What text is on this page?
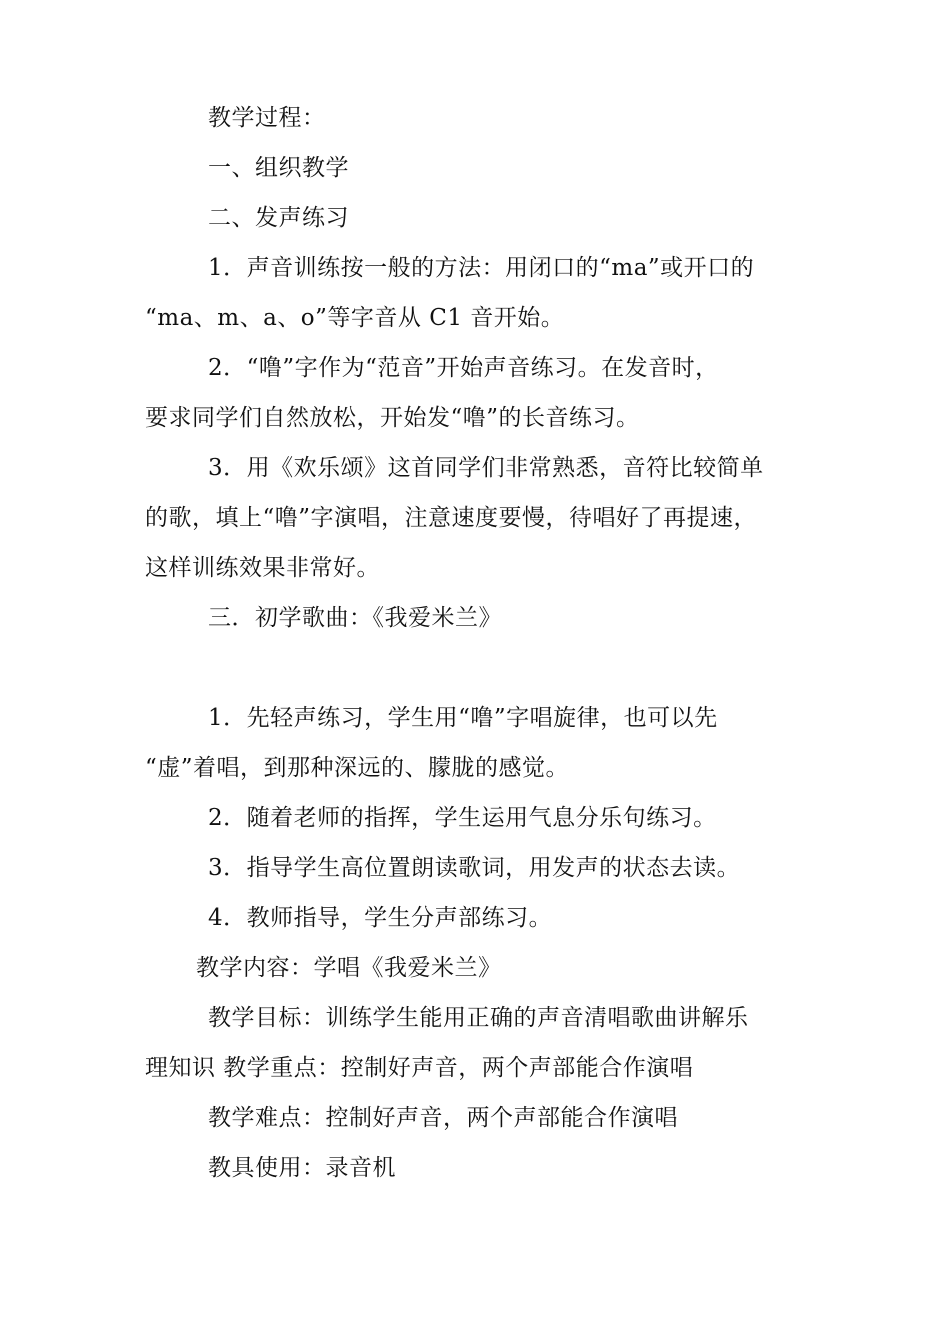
教学过程：
一、组织教学
二、发声练习
1．声音训练按一般的方法：用闭口的“ma”或开口的
“ma、m、a、o”等字音从 C1 音开始。
2．“噜”字作为“范音”开始声音练习。在发音时，
要求同学们自然放松，开始发“噜”的长音练习。
3．用《欢乐颂》这首同学们非常熟悉，音符比较简单
的歌，填上“噜”字演唱，注意速度要慢，待唱好了再提速，
这样训练效果非常好。
三．初学歌曲：《我爱米兰》
1．先轻声练习，学生用“噜”字唱旋律，也可以先
“虚”着唱，到那种深远的、朦胧的感觉。
2．随着老师的指挥，学生运用气息分乐句练习。
3．指导学生高位置朗读歌词，用发声的状态去读。
4．教师指导，学生分声部练习。
教学内容：学唱《我爱米兰》
教学目标：训练学生能用正确的声音清唱歌曲讲解乐
理知识 教学重点：控制好声音，两个声部能合作演唱
教学难点：控制好声音，两个声部能合作演唱
教具使用：录音机
